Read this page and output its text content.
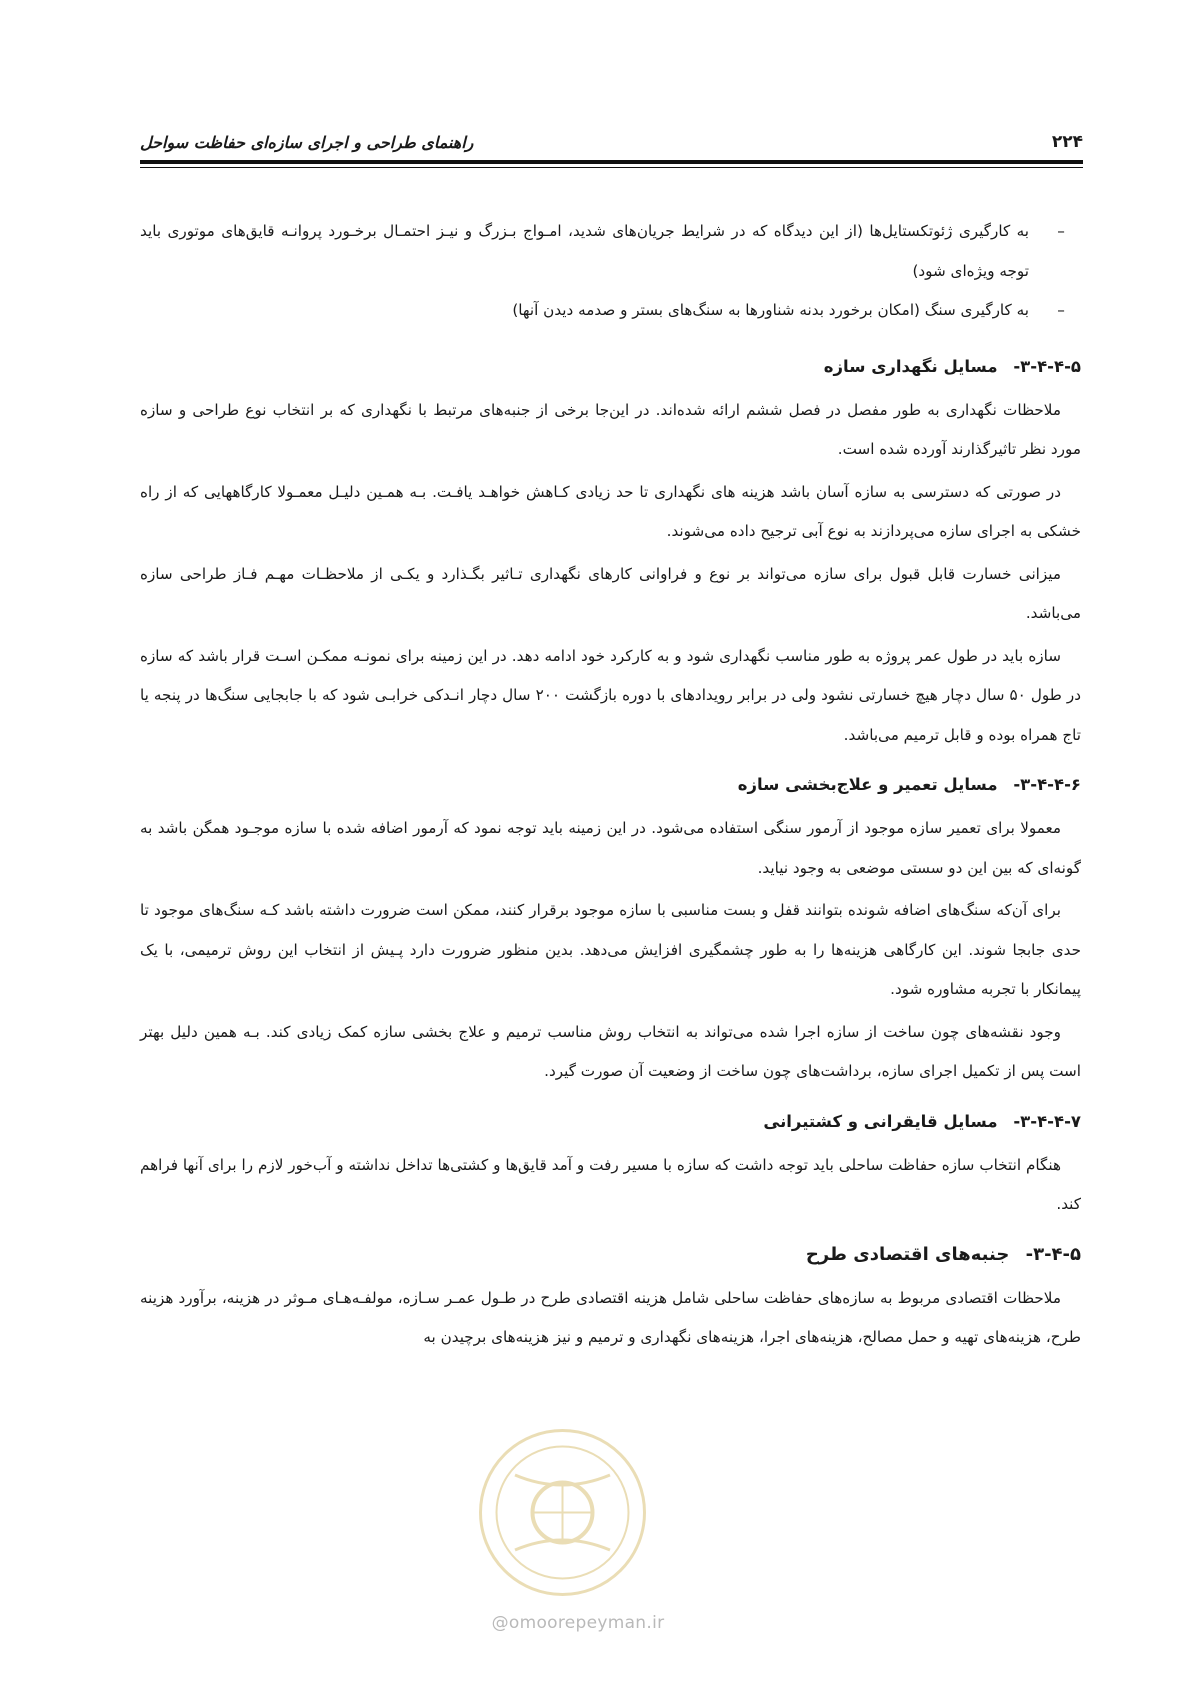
۲۲۴
راهنمای طراحی و اجرای سازه‌ای حفاظت سواحل
–
به کارگیری ژئوتکستایل‌ها (از این دیدگاه که در شرایط جریان‌های شدید، امـواج بـزرگ و نیـز احتمـال برخـورد پروانـه قایق‌های موتوری باید توجه ویژه‌ای شود)
–
به کارگیری سنگ (امکان برخورد بدنه شناورها به سنگ‌های بستر و صدمه دیدن آنها)
۳-۴-۴-۵- مسایل نگهداری سازه

ملاحظات نگهداری به طور مفصل در فصل ششم ارائه شده‌اند. در این‌جا برخی از جنبه‌های مرتبط با نگهداری که بر انتخاب نوع طراحی و سازه مورد نظر تاثیرگذارند آورده شده است.

در صورتی که دسترسی به سازه آسان باشد هزینه های نگهداری تا حد زیادی کـاهش خواهـد یافـت. بـه همـین دلیـل معمـولا کارگاههایی که از راه خشکی به اجرای سازه می‌پردازند به نوع آبی ترجیح داده می‌شوند.

میزانی خسارت قابل قبول برای سازه می‌تواند بر نوع و فراوانی کارهای نگهداری تـاثیر بگـذارد و یکـی از ملاحظـات مهـم فـاز طراحی سازه می‌باشد.

سازه باید در طول عمر پروژه به طور مناسب نگهداری شود و به کارکرد خود ادامه دهد. در این زمینه برای نمونـه ممکـن اسـت قرار باشد که سازه در طول ۵۰ سال دچار هیچ خسارتی نشود ولی در برابر رویدادهای با دوره بازگشت ۲۰۰ سال دچار انـدکی خرابـی شود که با جابجایی سنگ‌ها در پنجه یا تاج همراه بوده و قابل ترمیم می‌باشد.

۳-۴-۴-۶- مسایل تعمیر و علاج‌بخشی سازه

معمولا برای تعمیر سازه موجود از آرمور سنگی استفاده می‌شود. در این زمینه باید توجه نمود که آرمور اضافه شده با سازه موجـود همگن باشد به گونه‌ای که بین این دو سستی موضعی به وجود نیاید.

برای آن‌که سنگ‌های اضافه شونده بتوانند قفل و بست مناسبی با سازه موجود برقرار کنند، ممکن است ضرورت داشته باشد کـه سنگ‌های موجود تا حدی جابجا شوند. این کارگاهی هزینه‌ها را به طور چشمگیری افزایش می‌دهد. بدین منظور ضرورت دارد پـیش از انتخاب این روش ترمیمی، با یک پیمانکار با تجربه مشاوره شود.

وجود نقشه‌های چون ساخت از سازه اجرا شده می‌تواند به انتخاب روش مناسب ترمیم و علاج بخشی سازه کمک زیادی کند. بـه همین دلیل بهتر است پس از تکمیل اجرای سازه، برداشت‌های چون ساخت از وضعیت آن صورت گیرد.

۳-۴-۴-۷- مسایل قایقرانی و کشتیرانی

هنگام انتخاب سازه حفاظت ساحلی باید توجه داشت که سازه با مسیر رفت و آمد قایق‌ها و کشتی‌ها تداخل نداشته و آب‌خور لازم را برای آنها فراهم کند.

۳-۴-۵- جنبه‌های اقتصادی طرح

ملاحظات اقتصادی مربوط به سازه‌های حفاظت ساحلی شامل هزینه اقتصادی طرح در طـول عمـر سـازه، مولفـه‌هـای مـوثر در هزینه، برآورد هزینه طرح، هزینه‌های تهیه و حمل مصالح، هزینه‌های اجرا، هزینه‌های نگهداری و ترمیم و نیز هزینه‌های برچیدن به

@omoorepeyman.ir
